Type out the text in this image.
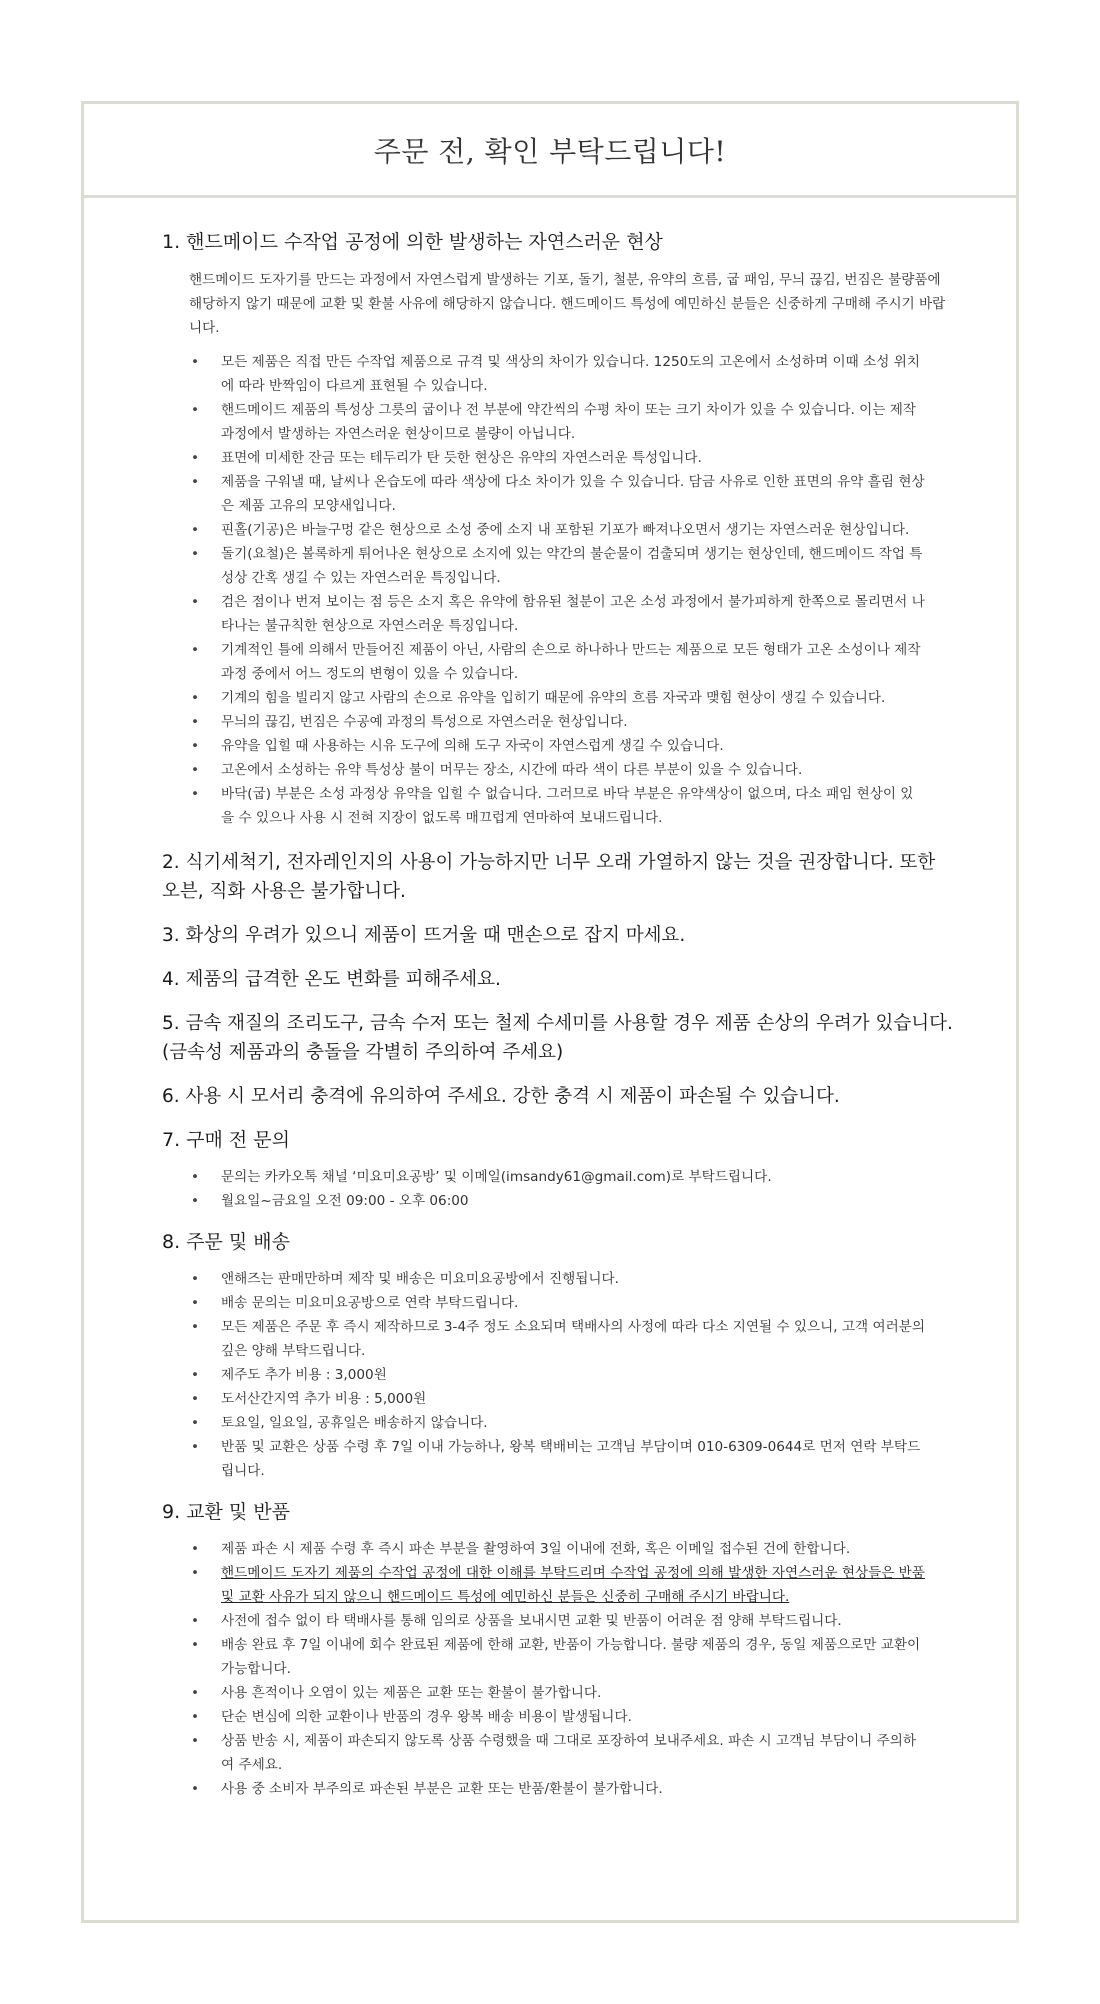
주문 전, 확인 부탁드립니다!
1. 핸드메이드 수작업 공정에 의한 발생하는 자연스러운 현상
핸드메이드 도자기를 만드는 과정에서 자연스럽게 발생하는 기포, 돌기, 철분, 유약의 흐름, 굽 패임, 무늬 끊김, 번짐은 불량품에 해당하지 않기 때문에 교환 및 환불 사유에 해당하지 않습니다. 핸드메이드 특성에 예민하신 분들은 신중하게 구매해 주시기 바랍니다.
• 모든 제품은 직접 만든 수작업 제품으로 규격 및 색상의 차이가 있습니다. 1250도의 고온에서 소성하며 이때 소성 위치에 따라 반짝임이 다르게 표현될 수 있습니다.
• 핸드메이드 제품의 특성상 그릇의 굽이나 전 부분에 약간씩의 수평 차이 또는 크기 차이가 있을 수 있습니다. 이는 제작 과정에서 발생하는 자연스러운 현상이므로 불량이 아닙니다.
• 표면에 미세한 잔금 또는 테두리가 탄 듯한 현상은 유약의 자연스러운 특성입니다.
• 제품을 구워낼 때, 날씨나 온습도에 따라 색상에 다소 차이가 있을 수 있습니다. 담금 사유로 인한 표면의 유약 흘림 현상은 제품 고유의 모양새입니다.
• 핀홀(기공)은 바늘구멍 같은 현상으로 소성 중에 소지 내 포함된 기포가 빠져나오면서 생기는 자연스러운 현상입니다.
• 돌기(요철)은 볼록하게 튀어나온 현상으로 소지에 있는 약간의 불순물이 검출되며 생기는 현상인데, 핸드메이드 작업 특성상 간혹 생길 수 있는 자연스러운 특징입니다.
• 검은 점이나 번져 보이는 점 등은 소지 혹은 유약에 함유된 철분이 고온 소성 과정에서 불가피하게 한쪽으로 몰리면서 나타나는 불규칙한 현상으로 자연스러운 특징입니다.
• 기계적인 틀에 의해서 만들어진 제품이 아닌, 사람의 손으로 하나하나 만드는 제품으로 모든 형태가 고온 소성이나 제작 과정 중에서 어느 정도의 변형이 있을 수 있습니다.
• 기계의 힘을 빌리지 않고 사람의 손으로 유약을 입히기 때문에 유약의 흐름 자국과 맺힘 현상이 생길 수 있습니다.
• 무늬의 끊김, 번짐은 수공예 과정의 특성으로 자연스러운 현상입니다.
• 유약을 입힐 때 사용하는 시유 도구에 의해 도구 자국이 자연스럽게 생길 수 있습니다.
• 고온에서 소성하는 유약 특성상 불이 머무는 장소, 시간에 따라 색이 다른 부분이 있을 수 있습니다.
• 바닥(굽) 부분은 소성 과정상 유약을 입힐 수 없습니다. 그러므로 바닥 부분은 유약색상이 없으며, 다소 패임 현상이 있을 수 있으나 사용 시 전혀 지장이 없도록 매끄럽게 연마하여 보내드립니다.
2. 식기세척기, 전자레인지의 사용이 가능하지만 너무 오래 가열하지 않는 것을 권장합니다. 또한 오븐, 직화 사용은 불가합니다.
3. 화상의 우려가 있으니 제품이 뜨거울 때 맨손으로 잡지 마세요.
4. 제품의 급격한 온도 변화를 피해주세요.
5. 금속 재질의 조리도구, 금속 수저 또는 철제 수세미를 사용할 경우 제품 손상의 우려가 있습니다. (금속성 제품과의 충돌을 각별히 주의하여 주세요)
6. 사용 시 모서리 충격에 유의하여 주세요. 강한 충격 시 제품이 파손될 수 있습니다.
7. 구매 전 문의
• 문의는 카카오톡 채널 ‘미요미요공방’ 및 이메일(imsandy61@gmail.com)로 부탁드립니다.
• 월요일~금요일 오전 09:00 - 오후 06:00
8. 주문 및 배송
• 앤해즈는 판매만하며 제작 및 배송은 미요미요공방에서 진행됩니다.
• 배송 문의는 미요미요공방으로 연락 부탁드립니다.
• 모든 제품은 주문 후 즉시 제작하므로 3-4주 정도 소요되며 택배사의 사정에 따라 다소 지연될 수 있으니, 고객 여러분의 깊은 양해 부탁드립니다.
• 제주도 추가 비용 : 3,000원
• 도서산간지역 추가 비용 : 5,000원
• 토요일, 일요일, 공휴일은 배송하지 않습니다.
• 반품 및 교환은 상품 수령 후 7일 이내 가능하나, 왕복 택배비는 고객님 부담이며 010-6309-0644로 먼저 연락 부탁드립니다.
9. 교환 및 반품
• 제품 파손 시 제품 수령 후 즉시 파손 부분을 촬영하여 3일 이내에 전화, 혹은 이메일 접수된 건에 한합니다.
• 핸드메이드 도자기 제품의 수작업 공정에 대한 이해를 부탁드리며 수작업 공정에 의해 발생한 자연스러운 현상들은 반품 및 교환 사유가 되지 않으니 핸드메이드 특성에 예민하신 분들은 신중히 구매해 주시기 바랍니다.
• 사전에 접수 없이 타 택배사를 통해 임의로 상품을 보내시면 교환 및 반품이 어려운 점 양해 부탁드립니다.
• 배송 완료 후 7일 이내에 회수 완료된 제품에 한해 교환, 반품이 가능합니다. 불량 제품의 경우, 동일 제품으로만 교환이 가능합니다.
• 사용 흔적이나 오염이 있는 제품은 교환 또는 환불이 불가합니다.
• 단순 변심에 의한 교환이나 반품의 경우 왕복 배송 비용이 발생됩니다.
• 상품 반송 시, 제품이 파손되지 않도록 상품 수령했을 때 그대로 포장하여 보내주세요. 파손 시 고객님 부담이니 주의하여 주세요.
• 사용 중 소비자 부주의로 파손된 부분은 교환 또는 반품/환불이 불가합니다.
